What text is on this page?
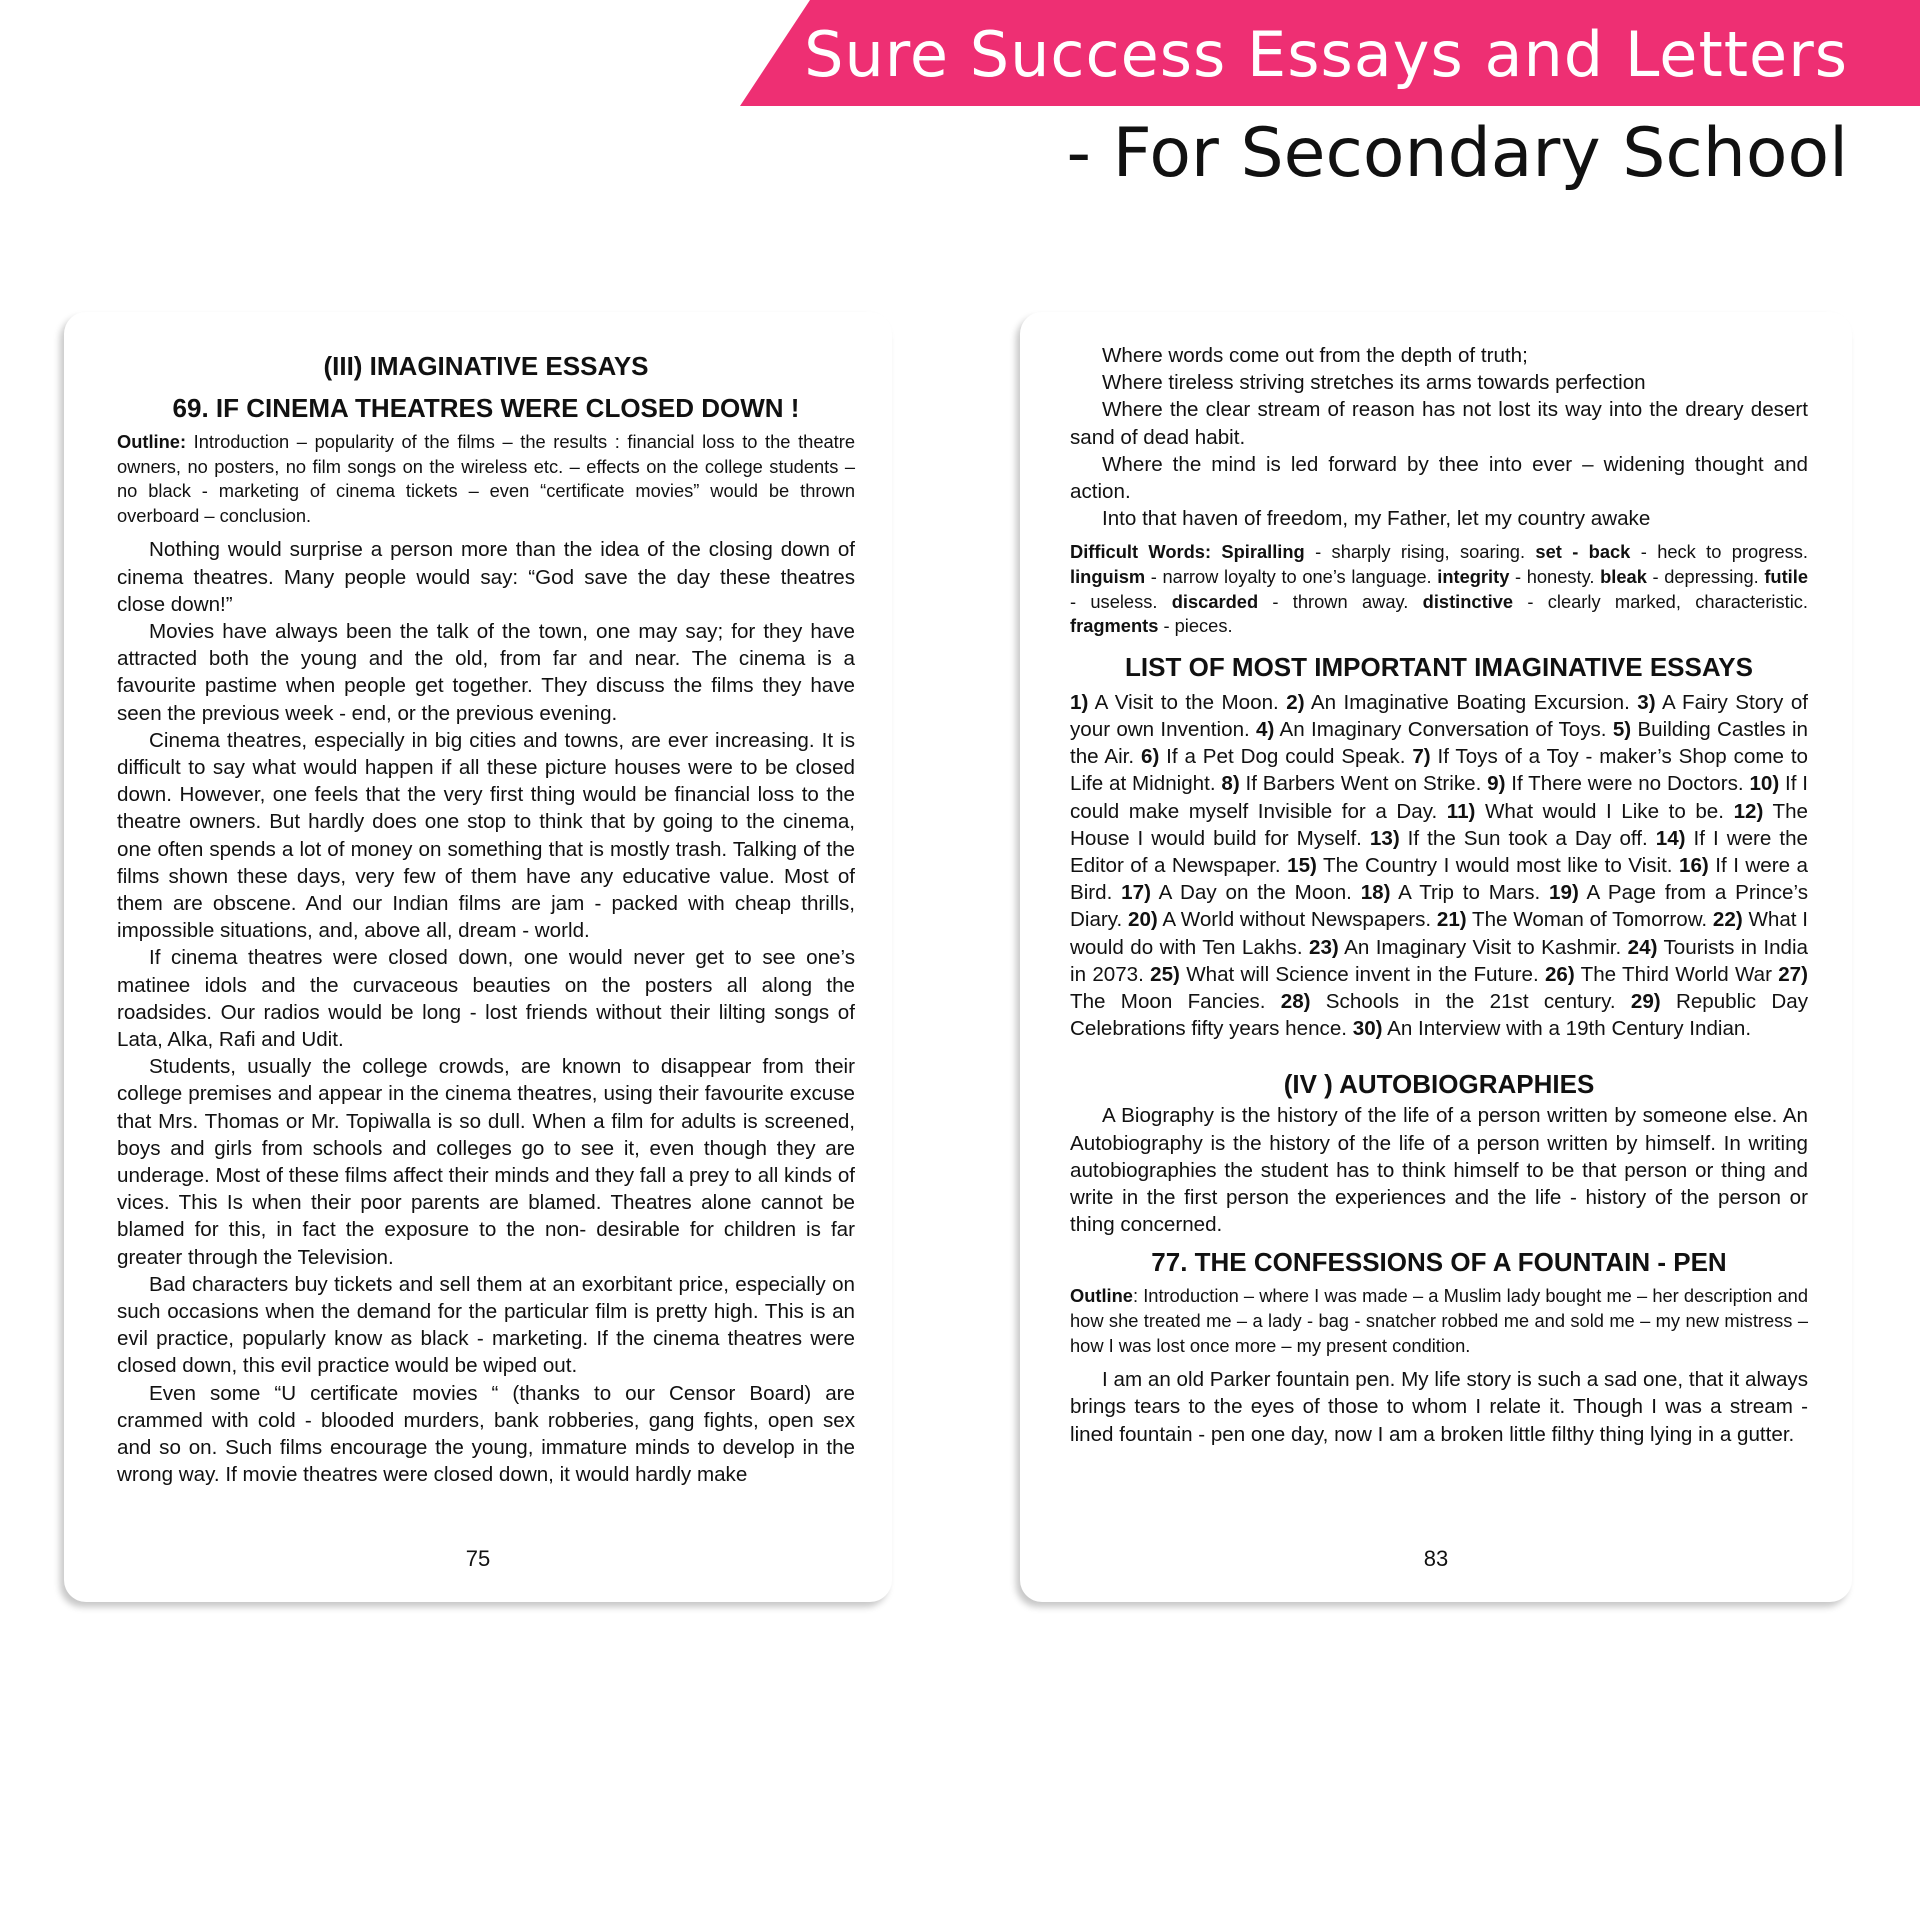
Sure Success Essays and Letters
- For Secondary School
(III) IMAGINATIVE ESSAYS
69. IF CINEMA THEATRES WERE CLOSED DOWN !

Outline: Introduction – popularity of the films – the results : financial loss to the theatre owners, no posters, no film songs on the wireless etc. – effects on the college students – no black - marketing of cinema tickets – even “certificate movies” would be thrown overboard – conclusion.

Nothing would surprise a person more than the idea of the closing down of cinema theatres. Many people would say: “God save the day these theatres close down!”

Movies have always been the talk of the town, one may say; for they have attracted both the young and the old, from far and near. The cinema is a favourite pastime when people get together. They discuss the films they have seen the previous week - end, or the previous evening.

Cinema theatres, especially in big cities and towns, are ever increasing. It is difficult to say what would happen if all these picture houses were to be closed down. However, one feels that the very first thing would be financial loss to the theatre owners. But hardly does one stop to think that by going to the cinema, one often spends a lot of money on something that is mostly trash. Talking of the films shown these days, very few of them have any educative value. Most of them are obscene. And our Indian films are jam - packed with cheap thrills, impossible situations, and, above all, dream - world.

If cinema theatres were closed down, one would never get to see one’s matinee idols and the curvaceous beauties on the posters all along the roadsides. Our radios would be long - lost friends without their lilting songs of Lata, Alka, Rafi and Udit.

Students, usually the college crowds, are known to disappear from their college premises and appear in the cinema theatres, using their favourite excuse that Mrs. Thomas or Mr. Topiwalla is so dull. When a film for adults is screened, boys and girls from schools and colleges go to see it, even though they are underage. Most of these films affect their minds and they fall a prey to all kinds of vices. This Is when their poor parents are blamed. Theatres alone cannot be blamed for this, in fact the exposure to the non- desirable for children is far greater through the Television.

Bad characters buy tickets and sell them at an exorbitant price, especially on such occasions when the demand for the particular film is pretty high. This is an evil practice, popularly know as black - marketing. If the cinema theatres were closed down, this evil practice would be wiped out.

Even some “U certificate movies “ (thanks to our Censor Board) are crammed with cold - blooded murders, bank robberies, gang fights, open sex and so on. Such films encourage the young, immature minds to develop in the wrong way. If movie theatres were closed down, it would hardly make

75

Where words come out from the depth of truth;

Where tireless striving stretches its arms towards perfection

Where the clear stream of reason has not lost its way into the dreary desert sand of dead habit.

Where the mind is led forward by thee into ever – widening thought and action.

Into that haven of freedom, my Father, let my country awake

Difficult Words: Spiralling - sharply rising, soaring. set - back - heck to progress. linguism - narrow loyalty to one’s language. integrity - honesty. bleak - depressing. futile - useless. discarded - thrown away. distinctive - clearly marked, characteristic. fragments - pieces.

LIST OF MOST IMPORTANT IMAGINATIVE ESSAYS

1) A Visit to the Moon. 2) An Imaginative Boating Excursion. 3) A Fairy Story of your own Invention. 4) An Imaginary Conversation of Toys. 5) Building Castles in the Air. 6) If a Pet Dog could Speak. 7) If Toys of a Toy - maker’s Shop come to Life at Midnight. 8) If Barbers Went on Strike. 9) If There were no Doctors. 10) If I could make myself Invisible for a Day. 11) What would I Like to be. 12) The House I would build for Myself. 13) If the Sun took a Day off. 14) If I were the Editor of a Newspaper. 15) The Country I would most like to Visit. 16) If I were a Bird. 17) A Day on the Moon. 18) A Trip to Mars. 19) A Page from a Prince’s Diary. 20) A World without Newspapers. 21) The Woman of Tomorrow. 22) What I would do with Ten Lakhs. 23) An Imaginary Visit to Kashmir. 24) Tourists in India in 2073. 25) What will Science invent in the Future. 26) The Third World War 27) The Moon Fancies. 28) Schools in the 21st century. 29) Republic Day Celebrations fifty years hence. 30) An Interview with a 19th Century Indian.

(IV ) AUTOBIOGRAPHIES

A Biography is the history of the life of a person written by someone else. An Autobiography is the history of the life of a person written by himself. In writing autobiographies the student has to think himself to be that person or thing and write in the first person the experiences and the life - history of the person or thing concerned.

77. THE CONFESSIONS OF A FOUNTAIN - PEN

Outline: Introduction – where I was made – a Muslim lady bought me – her description and how she treated me – a lady - bag - snatcher robbed me and sold me – my new mistress – how I was lost once more – my present condition.

I am an old Parker fountain pen. My life story is such a sad one, that it always brings tears to the eyes of those to whom I relate it. Though I was a stream - lined fountain - pen one day, now I am a broken little filthy thing lying in a gutter.

83
